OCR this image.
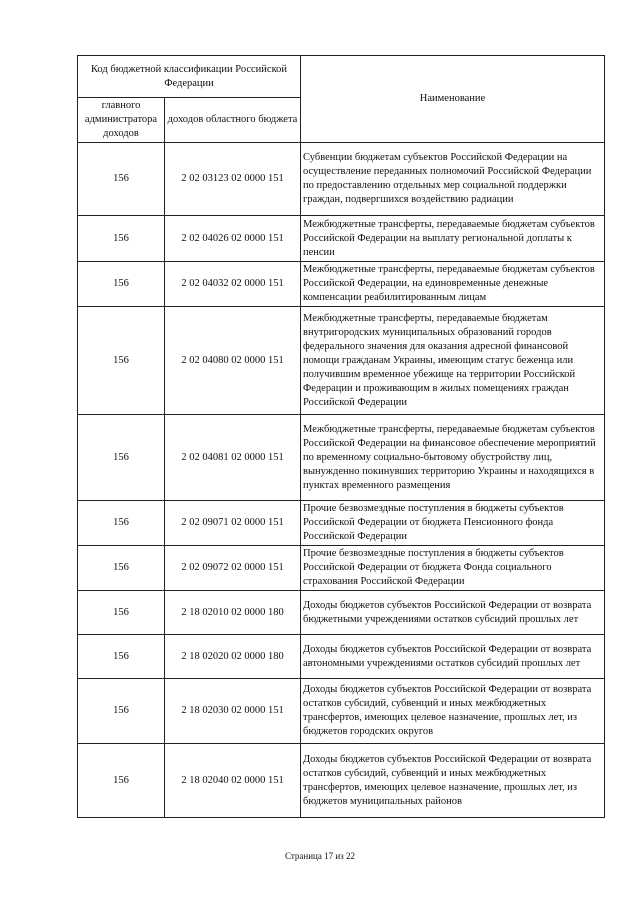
Код бюджетной классификации Российской Федерации		Наименование
главного администратора доходов	доходов областного бюджета	
156	2 02 03123 02 0000 151	Субвенции бюджетам субъектов Российской Федерации на осуществление переданных полномочий Российской Федерации по предоставлению отдельных мер социальной поддержки граждан, подвергшихся воздействию радиации
156	2 02 04026 02 0000 151	Межбюджетные трансферты, передаваемые бюджетам субъектов Российской Федерации на выплату региональной доплаты к пенсии
156	2 02 04032 02 0000 151	Межбюджетные трансферты, передаваемые бюджетам субъектов Российской Федерации, на единовременные денежные компенсации реабилитированным лицам
156	2 02 04080 02 0000 151	Межбюджетные трансферты, передаваемые бюджетам внутригородских муниципальных образований городов федерального значения для оказания адресной финансовой помощи гражданам Украины, имеющим статус беженца или получившим временное убежище на территории Российской Федерации и проживающим в жилых помещениях граждан Российской Федерации
156	2 02 04081 02 0000 151	Межбюджетные трансферты, передаваемые бюджетам субъектов Российской Федерации на финансовое обеспечение мероприятий по временному социально-бытовому обустройству лиц, вынужденно покинувших территорию Украины и находящихся в пунктах временного размещения
156	2 02 09071 02 0000 151	Прочие безвозмездные поступления в бюджеты субъектов Российской Федерации от бюджета Пенсионного фонда Российской Федерации
156	2 02 09072 02 0000 151	Прочие безвозмездные поступления в бюджеты субъектов Российской Федерации от бюджета Фонда социального страхования Российской Федерации
156	2 18 02010 02 0000 180	Доходы бюджетов субъектов Российской Федерации от возврата бюджетными учреждениями остатков субсидий прошлых лет
156	2 18 02020 02 0000 180	Доходы бюджетов субъектов Российской Федерации от возврата автономными учреждениями остатков субсидий прошлых лет
156	2 18 02030 02 0000 151	Доходы бюджетов субъектов Российской Федерации от возврата остатков субсидий, субвенций и иных межбюджетных трансфертов, имеющих целевое назначение, прошлых лет, из бюджетов городских округов
156	2 18 02040 02 0000 151	Доходы бюджетов субъектов Российской Федерации от возврата остатков субсидий, субвенций и иных межбюджетных трансфертов, имеющих целевое назначение, прошлых лет, из бюджетов муниципальных районов
Страница 17 из 22
